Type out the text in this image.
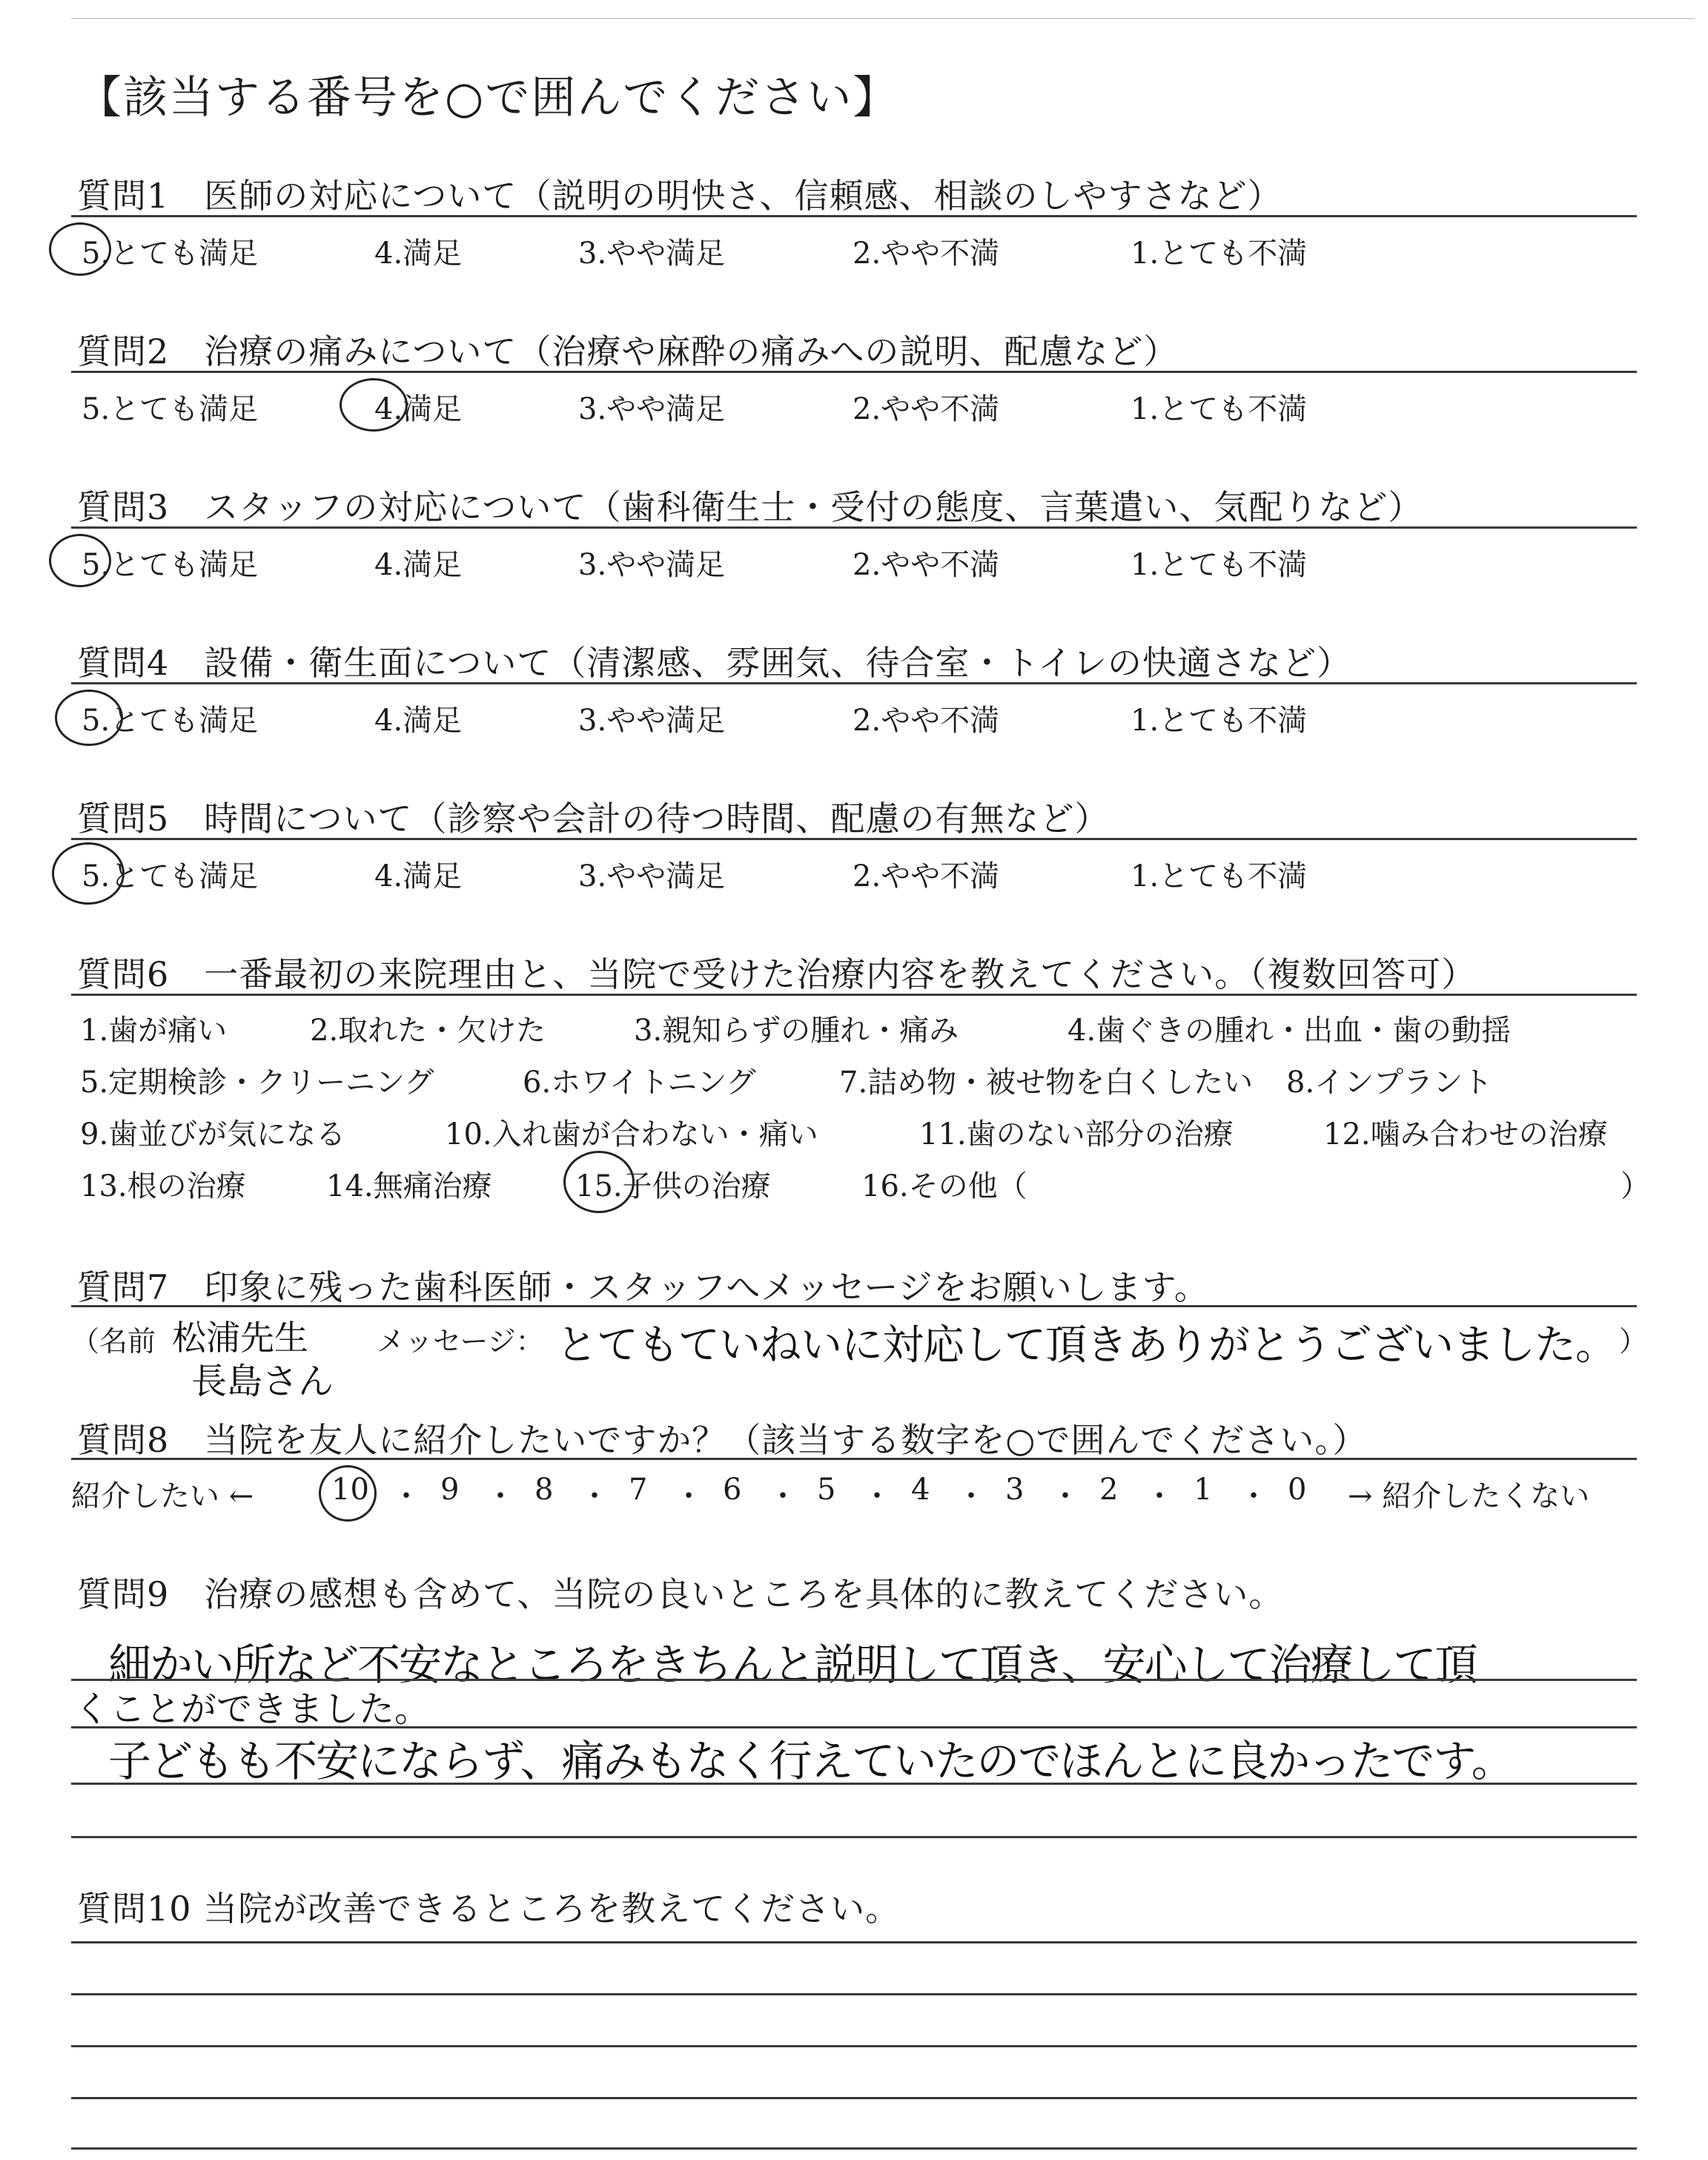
【該当する番号を○で囲んでください】
質問1　医師の対応について（説明の明快さ、信頼感、相談のしやすさなど）
5.とても満足	4.満足	3.やや満足	2.やや不満	1.とても不満
質問2　治療の痛みについて（治療や麻酔の痛みへの説明、配慮など）
5.とても満足	4.満足	3.やや満足	2.やや不満	1.とても不満
質問3　スタッフの対応について（歯科衛生士・受付の態度、言葉遣い、気配りなど）
5.とても満足	4.満足	3.やや満足	2.やや不満	1.とても不満
質問4　設備・衛生面について（清潔感、雰囲気、待合室・トイレの快適さなど）
5.とても満足	4.満足	3.やや満足	2.やや不満	1.とても不満
質問5　時間について（診察や会計の待つ時間、配慮の有無など）
5.とても満足	4.満足	3.やや満足	2.やや不満	1.とても不満
質問6　一番最初の来院理由と、当院で受けた治療内容を教えてください。（複数回答可）
1.歯が痛い	2.取れた・欠けた	3.親知らずの腫れ・痛み	4.歯ぐきの腫れ・出血・歯の動揺
5.定期検診・クリーニング	6.ホワイトニング	7.詰め物・被せ物を白くしたい 8.インプラント
9.歯並びが気になる	10.入れ歯が合わない・痛い	11.歯のない部分の治療	12.噛み合わせの治療
13.根の治療	14.無痛治療	15.子供の治療	16.その他（	）
質問7　印象に残った歯科医師・スタッフへメッセージをお願いします。
（名前 松浦先生
長島さん
メッセージ： とてもていねいに対応して頂きありがとうございました。 ）
質問8　当院を友人に紹介したいですか？（該当する数字を○で囲んでください。）
紹介したい ←	10 ・ 9 ・ 8 ・ 7 ・ 6 ・ 5 ・ 4 ・ 3 ・ 2 ・ 1 ・ 0 → 紹介したくない
質問9　治療の感想も含めて、当院の良いところを具体的に教えてください。
細かい所など不安なところをきちんと説明して頂き、安心して治療して頂
くことができました。
子どもも不安にならず、痛みもなく行えていたのでほんとに良かったです。
質問10 当院が改善できるところを教えてください。
